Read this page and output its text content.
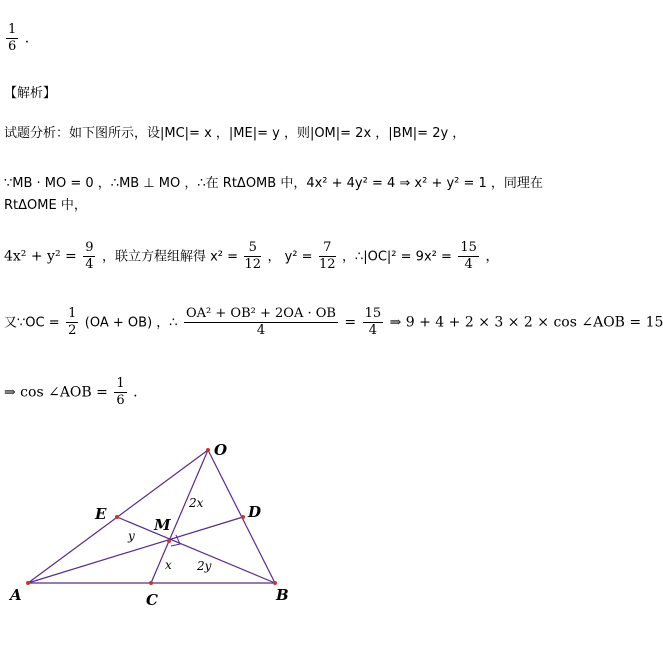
$\frac{1}{6}$ .
【解析】
试题分析：如下图所示，设|MC|= x ，|ME|= y ，则|OM|= 2x ，|BM|= 2y ，
∵MB · MO = 0 ，∴MB ⊥ MO ，∴在 RtΔOMB 中，4x² + 4y² = 4 ⇒ x² + y² = 1 ，同理在
RtΔOME 中，
$4x^2 + y^2 = \frac{9}{4}$ ，联立方程组解得 $x^2 = \frac{5}{12}$ ， $y^2 = \frac{7}{12}$ ，∴|OC|² = $9x^2 = \frac{15}{4}$ ，
又∵OC = $\frac{1}{2} (OA + OB)$ ，∴ $\frac{\text{OA² + OB² + 2OA · OB}}{4} = \frac{15}{4}$ ⇒ 9 + 4 + 2 × 3 × 2 × cos ∠AOB = 15
⇒ cos ∠AOB = $\frac{1}{6}$ .
O
E	D
M
A	B
C
2x
y
x 2y
